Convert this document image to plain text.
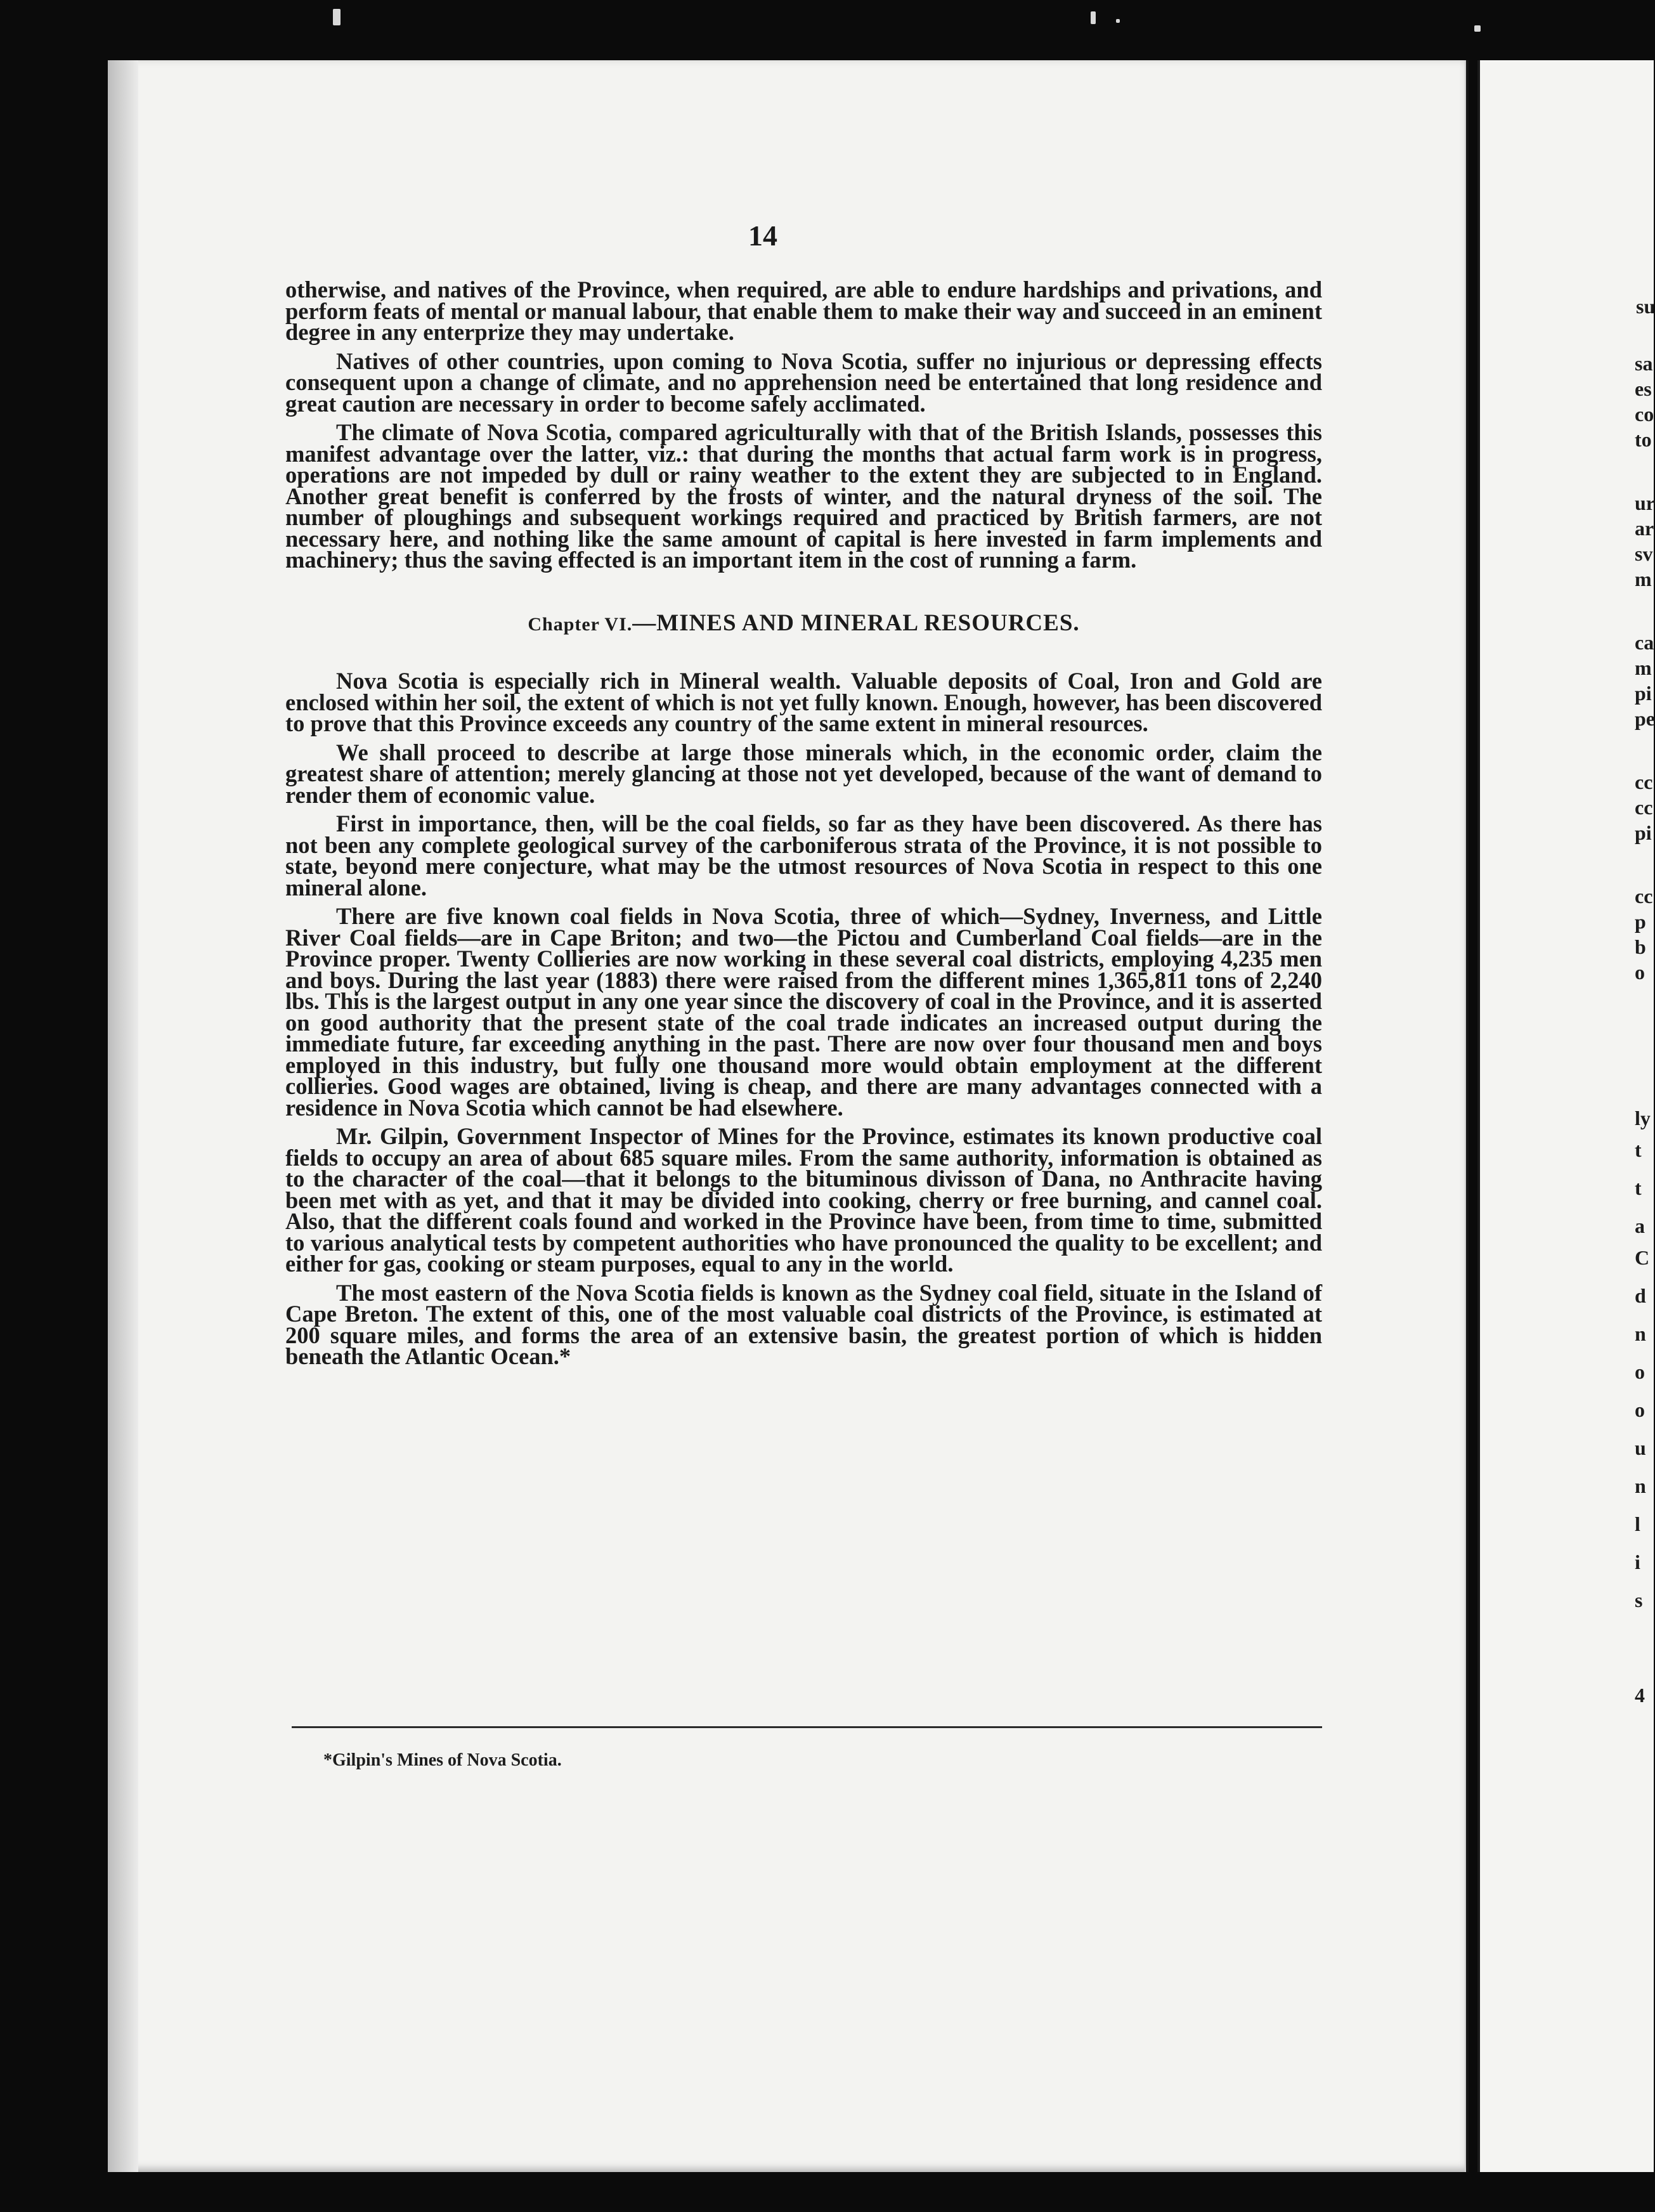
su
sa
es
co
to
ur
ar
sv
m
ca
m
pi
pe
cc
cc
pi
cc
p
b
o
ly
t
t
a
C
d
n
o
o
u
n
l
i
s
4
14

otherwise, and natives of the Province, when required, are able to endure hardships and privations, and perform feats of mental or manual labour, that enable them to make their way and succeed in an eminent degree in any enterprize they may undertake.

Natives of other countries, upon coming to Nova Scotia, suffer no injurious or depressing effects consequent upon a change of climate, and no apprehension need be entertained that long residence and great caution are necessary in order to become safely acclimated.

The climate of Nova Scotia, compared agriculturally with that of the British Islands, possesses this manifest advantage over the latter, viz.: that during the months that actual farm work is in progress, operations are not impeded by dull or rainy weather to the extent they are subjected to in England. Another great benefit is conferred by the frosts of winter, and the natural dryness of the soil. The number of ploughings and subsequent workings required and practiced by British farmers, are not necessary here, and nothing like the same amount of capital is here invested in farm implements and machinery; thus the saving effected is an important item in the cost of running a farm.

Chapter VI.—MINES AND MINERAL RESOURCES.

Nova Scotia is especially rich in Mineral wealth. Valuable deposits of Coal, Iron and Gold are enclosed within her soil, the extent of which is not yet fully known. Enough, however, has been discovered to prove that this Province exceeds any country of the same extent in mineral resources.

We shall proceed to describe at large those minerals which, in the economic order, claim the greatest share of attention; merely glancing at those not yet developed, because of the want of demand to render them of economic value.

First in importance, then, will be the coal fields, so far as they have been discovered. As there has not been any complete geological survey of the carboniferous strata of the Province, it is not possible to state, beyond mere conjecture, what may be the utmost resources of Nova Scotia in respect to this one mineral alone.

There are five known coal fields in Nova Scotia, three of which—Sydney, Inverness, and Little River Coal fields—are in Cape Briton; and two—the Pictou and Cumberland Coal fields—are in the Province proper. Twenty Collieries are now working in these several coal districts, employing 4,235 men and boys. During the last year (1883) there were raised from the different mines 1,365,811 tons of 2,240 lbs. This is the largest output in any one year since the discovery of coal in the Province, and it is asserted on good authority that the present state of the coal trade indicates an increased output during the immediate future, far exceeding anything in the past. There are now over four thousand men and boys employed in this industry, but fully one thousand more would obtain employment at the different collieries. Good wages are obtained, living is cheap, and there are many advantages connected with a residence in Nova Scotia which cannot be had elsewhere.

Mr. Gilpin, Government Inspector of Mines for the Province, estimates its known productive coal fields to occupy an area of about 685 square miles. From the same authority, information is obtained as to the character of the coal—that it belongs to the bituminous divisson of Dana, no Anthracite having been met with as yet, and that it may be divided into cooking, cherry or free burning, and cannel coal. Also, that the different coals found and worked in the Province have been, from time to time, submitted to various analytical tests by competent authorities who have pronounced the quality to be excellent; and either for gas, cooking or steam purposes, equal to any in the world.

The most eastern of the Nova Scotia fields is known as the Sydney coal field, situate in the Island of Cape Breton. The extent of this, one of the most valuable coal districts of the Province, is estimated at 200 square miles, and forms the area of an extensive basin, the greatest portion of which is hidden beneath the Atlantic Ocean.*

*Gilpin's Mines of Nova Scotia.
